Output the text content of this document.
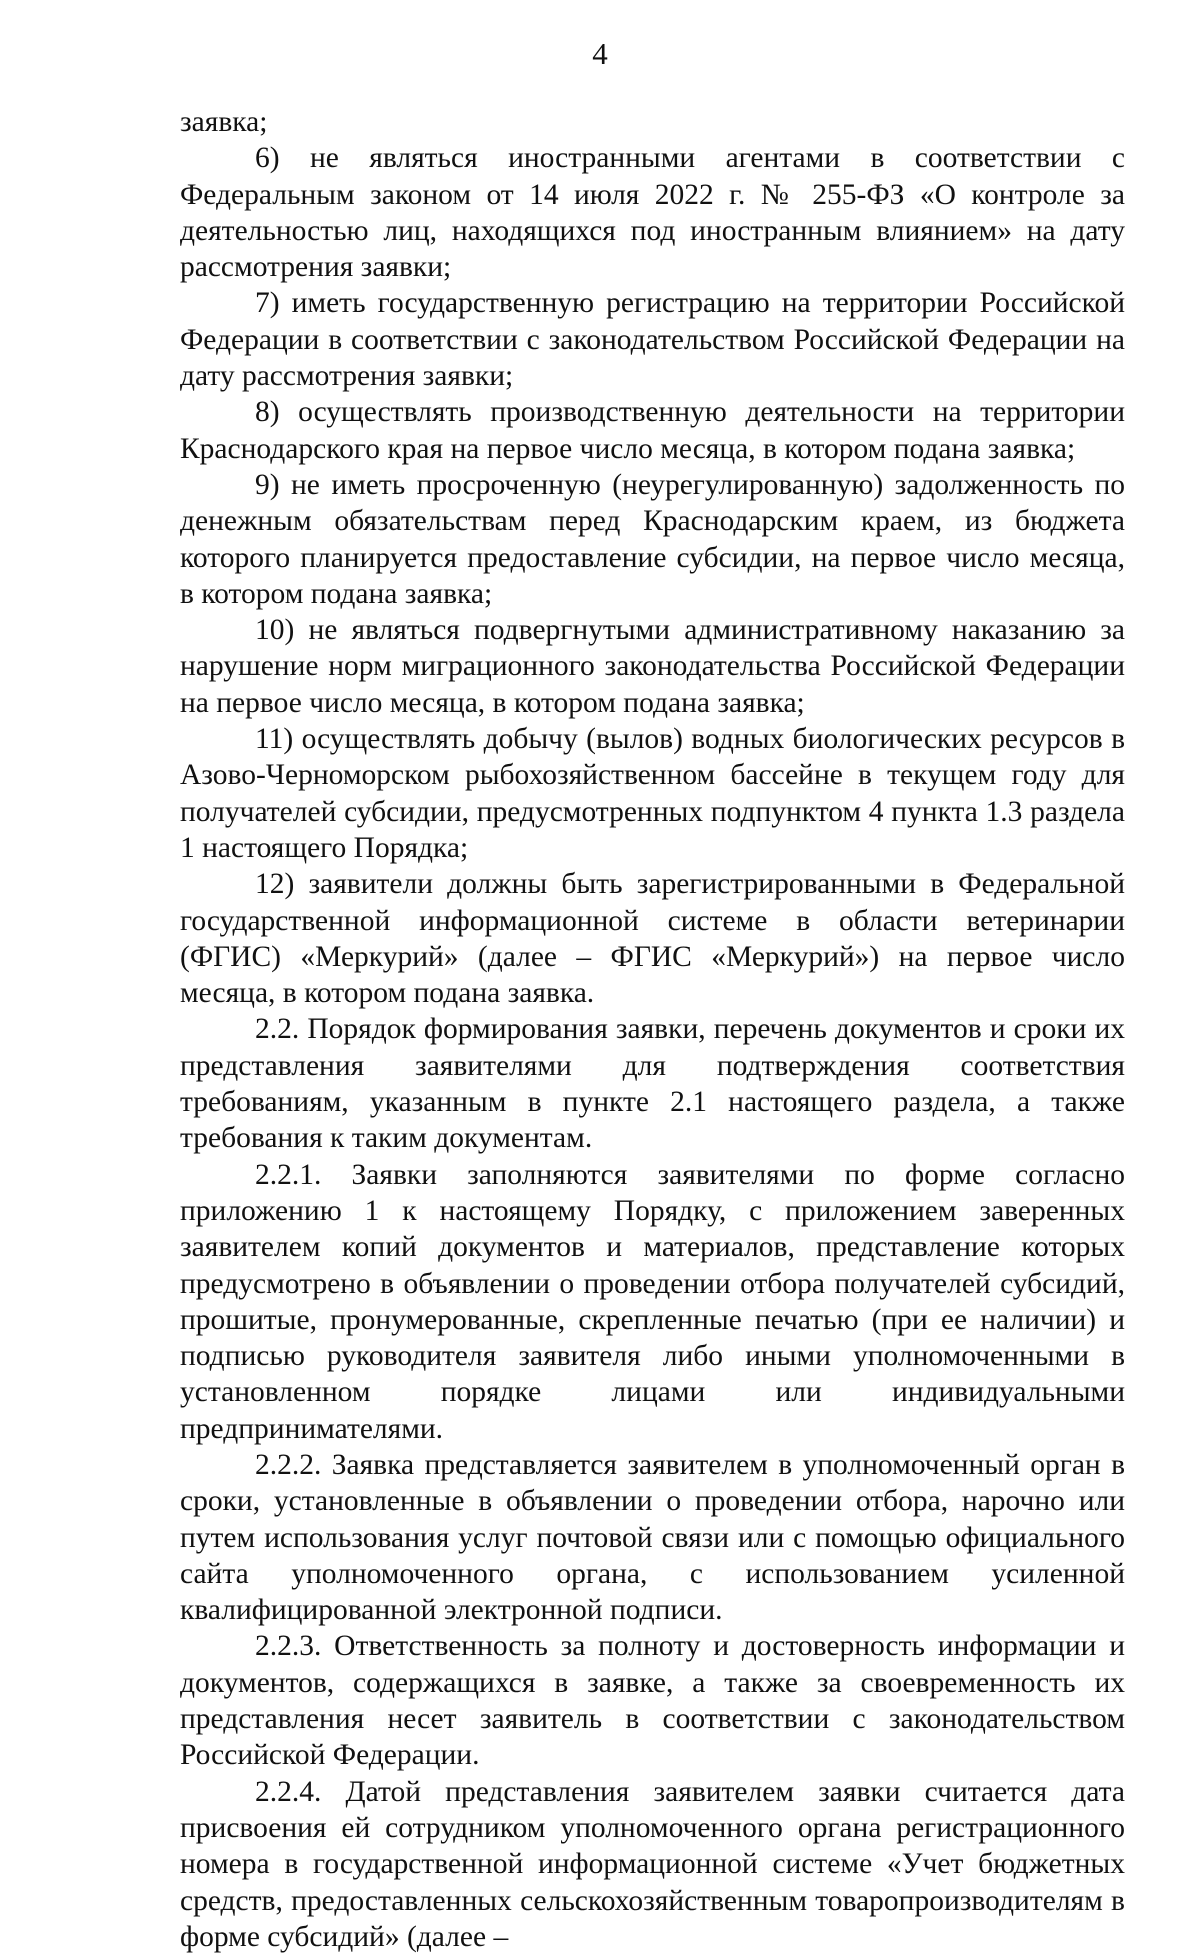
4

заявка;

6) не являться иностранными агентами в соответствии с Федеральным законом от 14 июля 2022 г. № 255-ФЗ «О контроле за деятельностью лиц, находящихся под иностранным влиянием» на дату рассмотрения заявки;

7) иметь государственную регистрацию на территории Российской Федерации в соответствии с законодательством Российской Федерации на дату рассмотрения заявки;

8) осуществлять производственную деятельности на территории Краснодарского края на первое число месяца, в котором подана заявка;

9) не иметь просроченную (неурегулированную) задолженность по денежным обязательствам перед Краснодарским краем, из бюджета которого планируется предоставление субсидии, на первое число месяца, в котором подана заявка;

10) не являться подвергнутыми административному наказанию за нарушение норм миграционного законодательства Российской Федерации на первое число месяца, в котором подана заявка;

11) осуществлять добычу (вылов) водных биологических ресурсов в Азово-Черноморском рыбохозяйственном бассейне в текущем году для получателей субсидии, предусмотренных подпунктом 4 пункта 1.3 раздела 1 настоящего Порядка;

12) заявители должны быть зарегистрированными в Федеральной государственной информационной системе в области ветеринарии (ФГИС) «Меркурий» (далее – ФГИС «Меркурий») на первое число месяца, в котором подана заявка.

2.2. Порядок формирования заявки, перечень документов и сроки их представления заявителями для подтверждения соответствия требованиям, указанным в пункте 2.1 настоящего раздела, а также требования к таким документам.

2.2.1. Заявки заполняются заявителями по форме согласно приложению 1 к настоящему Порядку, с приложением заверенных заявителем копий документов и материалов, представление которых предусмотрено в объявлении о проведении отбора получателей субсидий, прошитые, пронумерованные, скрепленные печатью (при ее наличии) и подписью руководителя заявителя либо иными уполномоченными в установленном порядке лицами или индивидуальными предпринимателями.

2.2.2. Заявка представляется заявителем в уполномоченный орган в сроки, установленные в объявлении о проведении отбора, нарочно или путем использования услуг почтовой связи или с помощью официального сайта уполномоченного органа, с использованием усиленной квалифицированной электронной подписи.

2.2.3. Ответственность за полноту и достоверность информации и документов, содержащихся в заявке, а также за своевременность их представления несет заявитель в соответствии с законодательством Российской Федерации.

2.2.4. Датой представления заявителем заявки считается дата присвоения ей сотрудником уполномоченного органа регистрационного номера в государственной информационной системе «Учет бюджетных средств, предоставленных сельскохозяйственным товаропроизводителям в форме субсидий» (далее –
